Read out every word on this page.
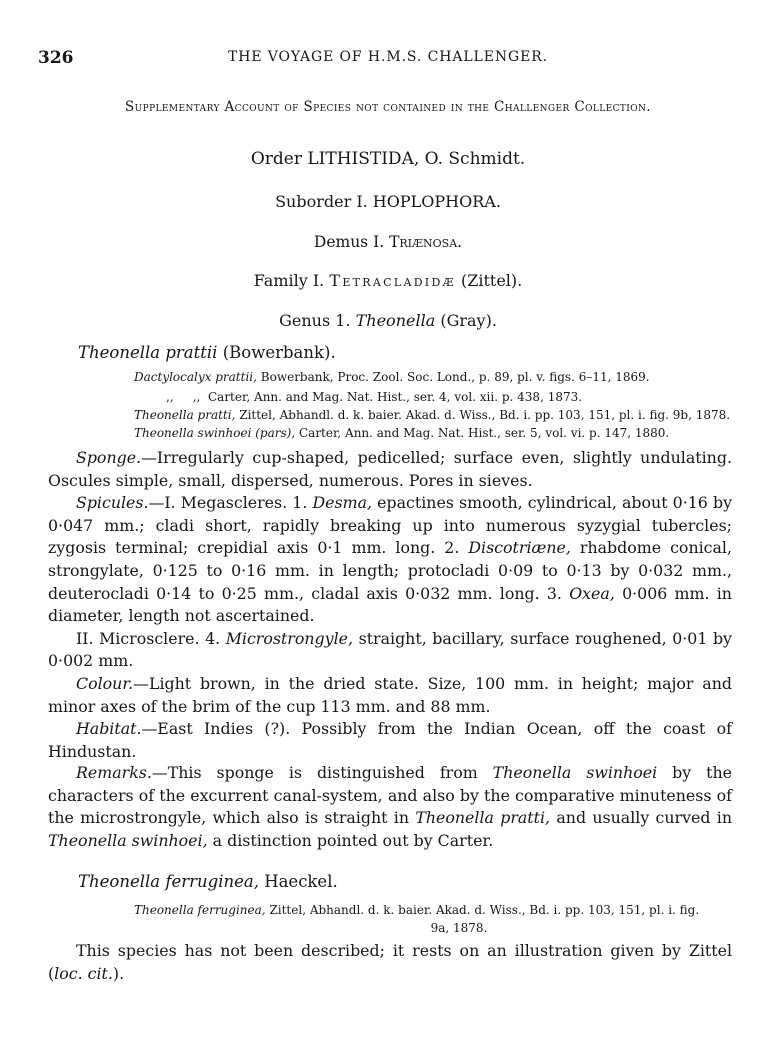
326	THE VOYAGE OF H.M.S. CHALLENGER.
Supplementary Account of Species not contained in the Challenger Collection.
Order LITHISTIDA, O. Schmidt.
Suborder I. HOPLOPHORA.
Demus I. Triænosa.
Family I. Tetracladidæ (Zittel).
Genus 1. Theonella (Gray).
Theonella prattii (Bowerbank).
Dactylocalyx prattii, Bowerbank, Proc. Zool. Soc. Lond., p. 89, pl. v. figs. 6–11, 1869.
,,     ,, Carter, Ann. and Mag. Nat. Hist., ser. 4, vol. xii. p. 438, 1873.
Theonella pratti, Zittel, Abhandl. d. k. baier. Akad. d. Wiss., Bd. i. pp. 103, 151, pl. i. fig. 9b, 1878.
Theonella swinhoei (pars), Carter, Ann. and Mag. Nat. Hist., ser. 5, vol. vi. p. 147, 1880.

Sponge.—Irregularly cup-shaped, pedicelled; surface even, slightly undulating. Oscules simple, small, dispersed, numerous. Pores in sieves.

Spicules.—I. Megascleres. 1. Desma, epactines smooth, cylindrical, about 0·16 by 0·047 mm.; cladi short, rapidly breaking up into numerous syzygial tubercles; zygosis terminal; crepidial axis 0·1 mm. long. 2. Discotriæne, rhabdome conical, strongylate, 0·125 to 0·16 mm. in length; protocladi 0·09 to 0·13 by 0·032 mm., deuterocladi 0·14 to 0·25 mm., cladal axis 0·032 mm. long. 3. Oxea, 0·006 mm. in diameter, length not ascertained.

II. Microsclere. 4. Microstrongyle, straight, bacillary, surface roughened, 0·01 by 0·002 mm.

Colour.—Light brown, in the dried state. Size, 100 mm. in height; major and minor axes of the brim of the cup 113 mm. and 88 mm.

Habitat.—East Indies (?). Possibly from the Indian Ocean, off the coast of Hindustan.

Remarks.—This sponge is distinguished from Theonella swinhoei by the characters of the excurrent canal-system, and also by the comparative minuteness of the microstrongyle, which also is straight in Theonella pratti, and usually curved in Theonella swinhoei, a distinction pointed out by Carter.

Theonella ferruginea, Haeckel.
Theonella ferruginea, Zittel, Abhandl. d. k. baier. Akad. d. Wiss., Bd. i. pp. 103, 151, pl. i. fig.
9a, 1878.

This species has not been described; it rests on an illustration given by Zittel (loc. cit.).
